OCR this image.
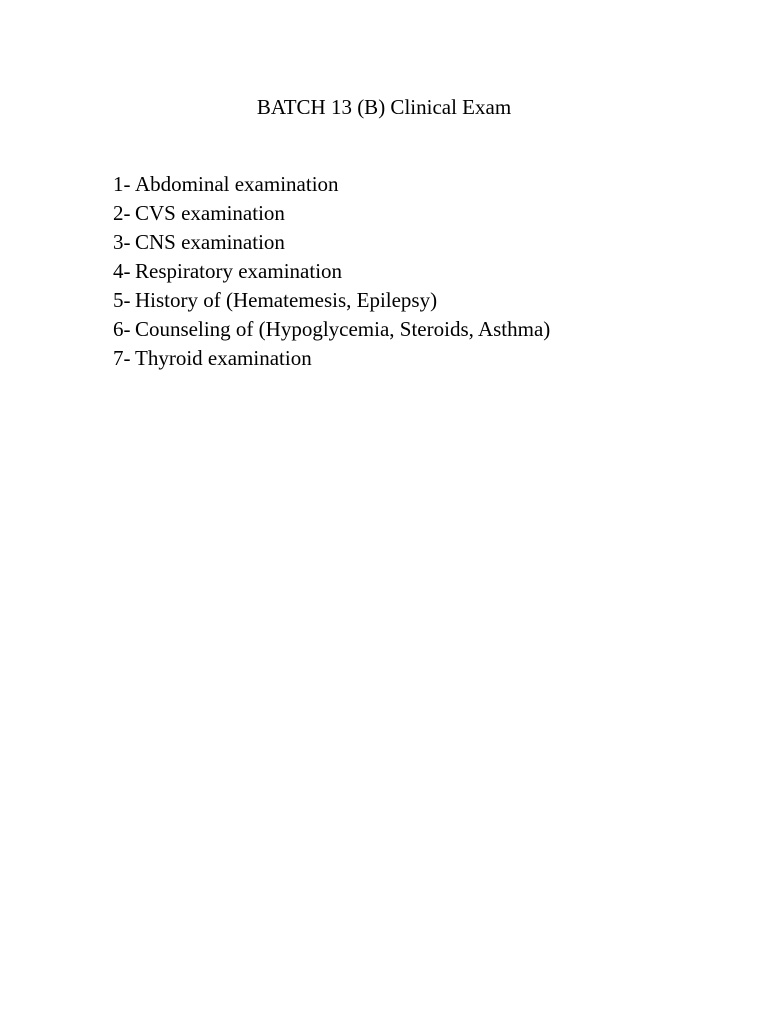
BATCH 13 (B) Clinical Exam
1- Abdominal examination
2- CVS examination
3- CNS examination
4- Respiratory examination
5- History of (Hematemesis, Epilepsy)
6- Counseling of (Hypoglycemia, Steroids, Asthma)
7- Thyroid examination
